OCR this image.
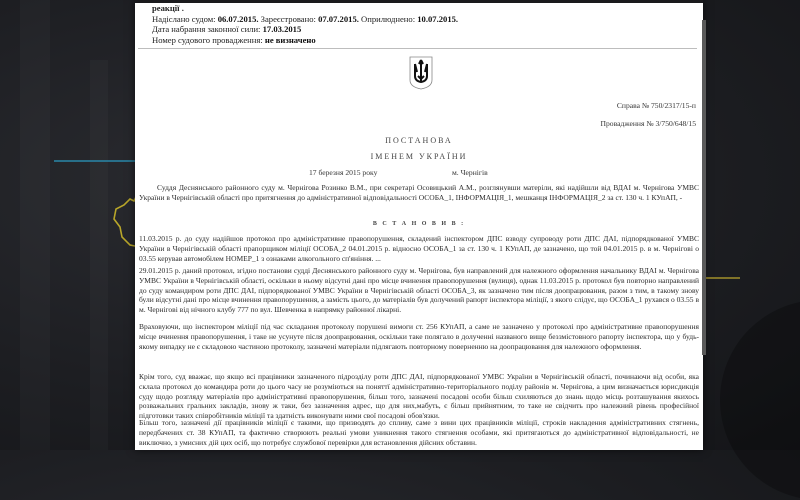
реакції .
Надіслано судом: 06.07.2015. Зареєстровано: 07.07.2015. Оприлюднено: 10.07.2015.
Дата набрання законної сили: 17.03.2015
Номер судового провадження: не визначено
Справа № 750/2317/15-п
Провадження № 3/750/648/15
ПОСТАНОВА
ІМЕНЕМ УКРАЇНИ
17 березня 2015 року	м. Чернігів
Суддя Деснянського районного суду м. Чернігова Розинко В.М., при секретарі Осовицький А.М., розглянувши матеріли, які надійшли від ВДАІ м. Чернігова УМВС України в Чернігівській області про притягнення до адміністративної відповідальності ОСОБА_1, ІНФОРМАЦІЯ_1, мешканця ІНФОРМАЦІЯ_2 за ст. 130 ч. 1 КУпАП, -
В С Т А Н О В И В :
11.03.2015 р. до суду надійшов протокол про адміністративне правопорушення, складений інспектором ДПС взводу супроводу роти ДПС ДАІ, підпорядкованої УМВС України в Чернігівській області прапорщиком міліції ОСОБА_2 04.01.2015 р. відносно ОСОБА_1 за ст. 130 ч. 1 КУпАП, де зазначено, що той 04.01.2015 р. в м. Чернігові о 03.55 керував автомобілем НОМЕР_1 з ознаками алкогольного сп'яніння. ...
29.01.2015 р. даний протокол, згідно постанови судді Деснянського районного суду м. Чернігова, був направлений для належного оформлення начальнику ВДАІ м. Чернігова УМВС України в Чернігівській області, оскільки в ньому відсутні дані про місце вчинення правопорушення (вулиця), однак 11.03.2015 р. протокол був повторно направлений до суду командиром роти ДПС ДАІ, підпорядкованої УМВС України в Чернігівській області ОСОБА_3, як зазначено тим після доопрацювання, разом з тим, в такому знову були відсутні дані про місце вчинення правопорушення, а замість цього, до матеріалів був долучений рапорт інспектора міліції, з якого слідує, що ОСОБА_1 рухався о 03.55 в м. Чернігові від нічного клубу 777 по вул. Шевченка в напрямку районної лікарні.
Враховуючи, що інспектором міліції під час складання протоколу порушені вимоги ст. 256 КУпАП, а саме не зазначено у протоколі про адміністративне правопорушення місце вчинення правопорушення, і таке не усунуте після доопрацювання, оскільки таке полягало в долученні названого вище беззмістовного рапорту інспектора, що у будь-якому випадку не є складовою частиною протоколу, зазначені матеріали підлягають повторному поверненню на доопрацювання для належного оформлення.
Крім того, суд вважає, що якщо всі працівники зазначеного підрозділу роти ДПС ДАІ, підпорядкованої УМВС України в Чернігівській області, починаючи від особи, яка склала протокол до командира роти до цього часу не розуміються на поняттї адміністративно-територіального поділу районів м. Чернігова, а цим визначається юрисдикція суду щодо розгляду матеріалів про адміністративні правопорушення, більш того, зазначені посадові особи більш схиляються до знань щодо місць розташування якихось розважальних гральних закладів, знову ж таки, без зазначення адрес, що для них,мабуть, є більш прийнятним, то таке не свідчить про належний рівень професійної підготовки таких співробітників міліції та здатність виконувати ними свої посадові обов'язки.
Більш того, зазначені дії працівників міліції є такими, що призводять до спливу, саме з вини цих працівників міліції, строків накладення адміністративних стягнень, передбачених ст. 38 КУпАП, та фактично створюють реальні умови уникнення такого стягнення особами, які притягаються до адміністративної відповідальності, не виключно, з умисних дій цих осіб, що потребує службової перевірки для встановлення дійсних обставин.
